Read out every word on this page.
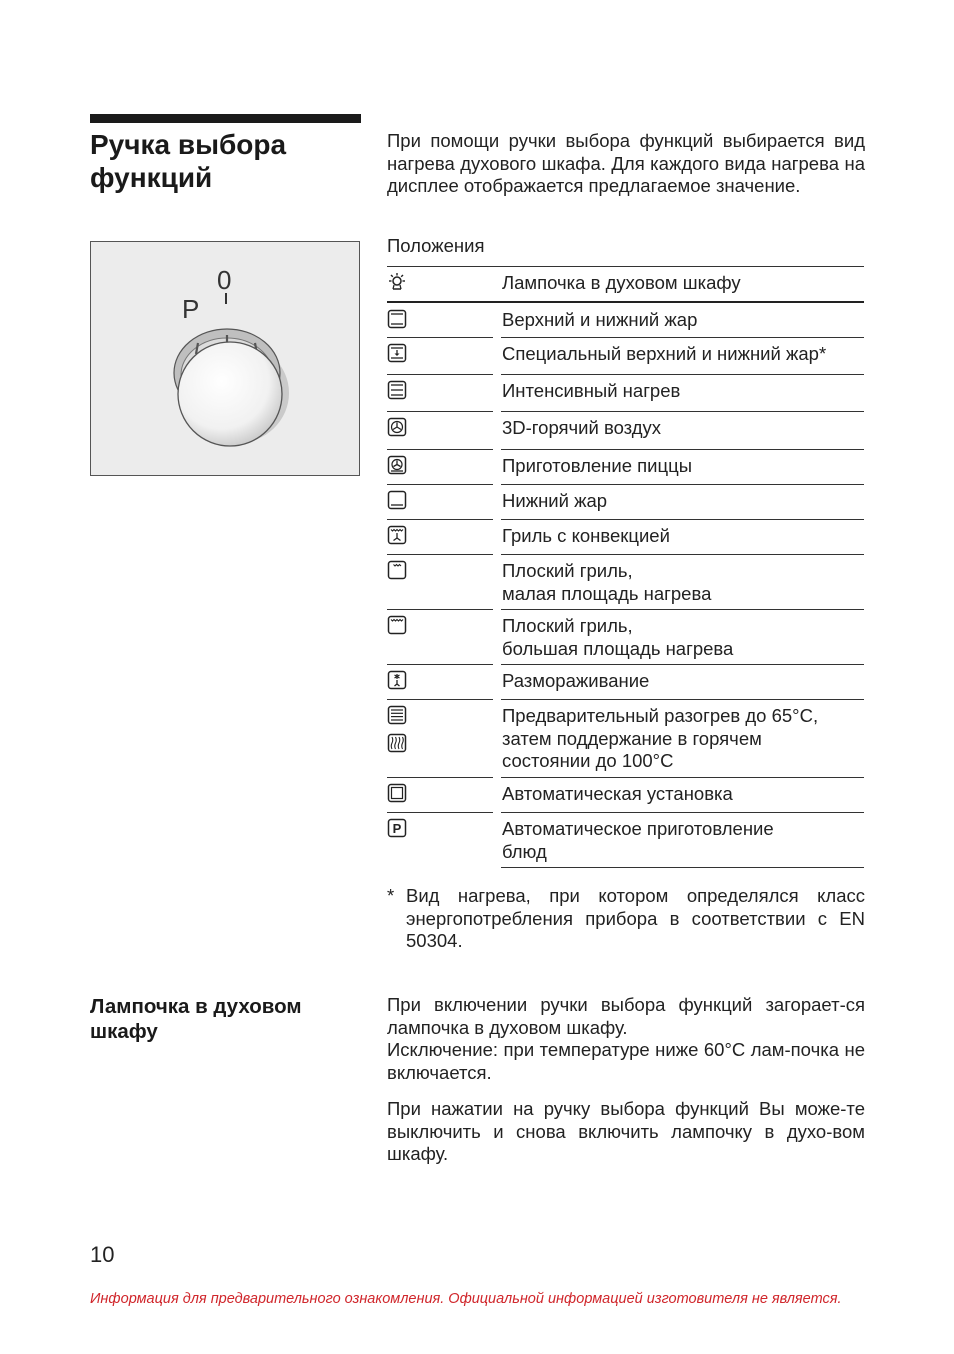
Ручка выбора
функций

При помощи ручки выбора функций выбирается вид нагрева духового шкафа. Для каждого вида нагрева на дисплее отображается предлагаемое значение.

P
0

Положения

Лампочка в духовом шкафу
Верхний и нижний жар
Специальный верхний и нижний жар*
Интенсивный нагрев
3D-горячий воздух
Приготовление пиццы
Нижний жар
Гриль с конвекцией
Плоский гриль,
малая площадь нагрева
Плоский гриль,
большая площадь нагрева
Размораживание
Предварительный разогрев до 65°C,
затем поддержание в горячем
состоянии до 100°C
Автоматическая установка
P	Автоматическое приготовление
блюд
* Вид нагрева, при котором определялся класс энергопотребления прибора в соответствии с EN 50304.
Лампочка в духовом
шкафу

При включении ручки выбора функций загорает-ся лампочка в духовом шкафу.

Исключение: при температуре ниже 60°C лам-почка не включается.

При нажатии на ручку выбора функций Вы може-те выключить и снова включить лампочку в духо-вом шкафу.

10

Информация для предварительного ознакомления. Официальной информацией изготовителя не является.
